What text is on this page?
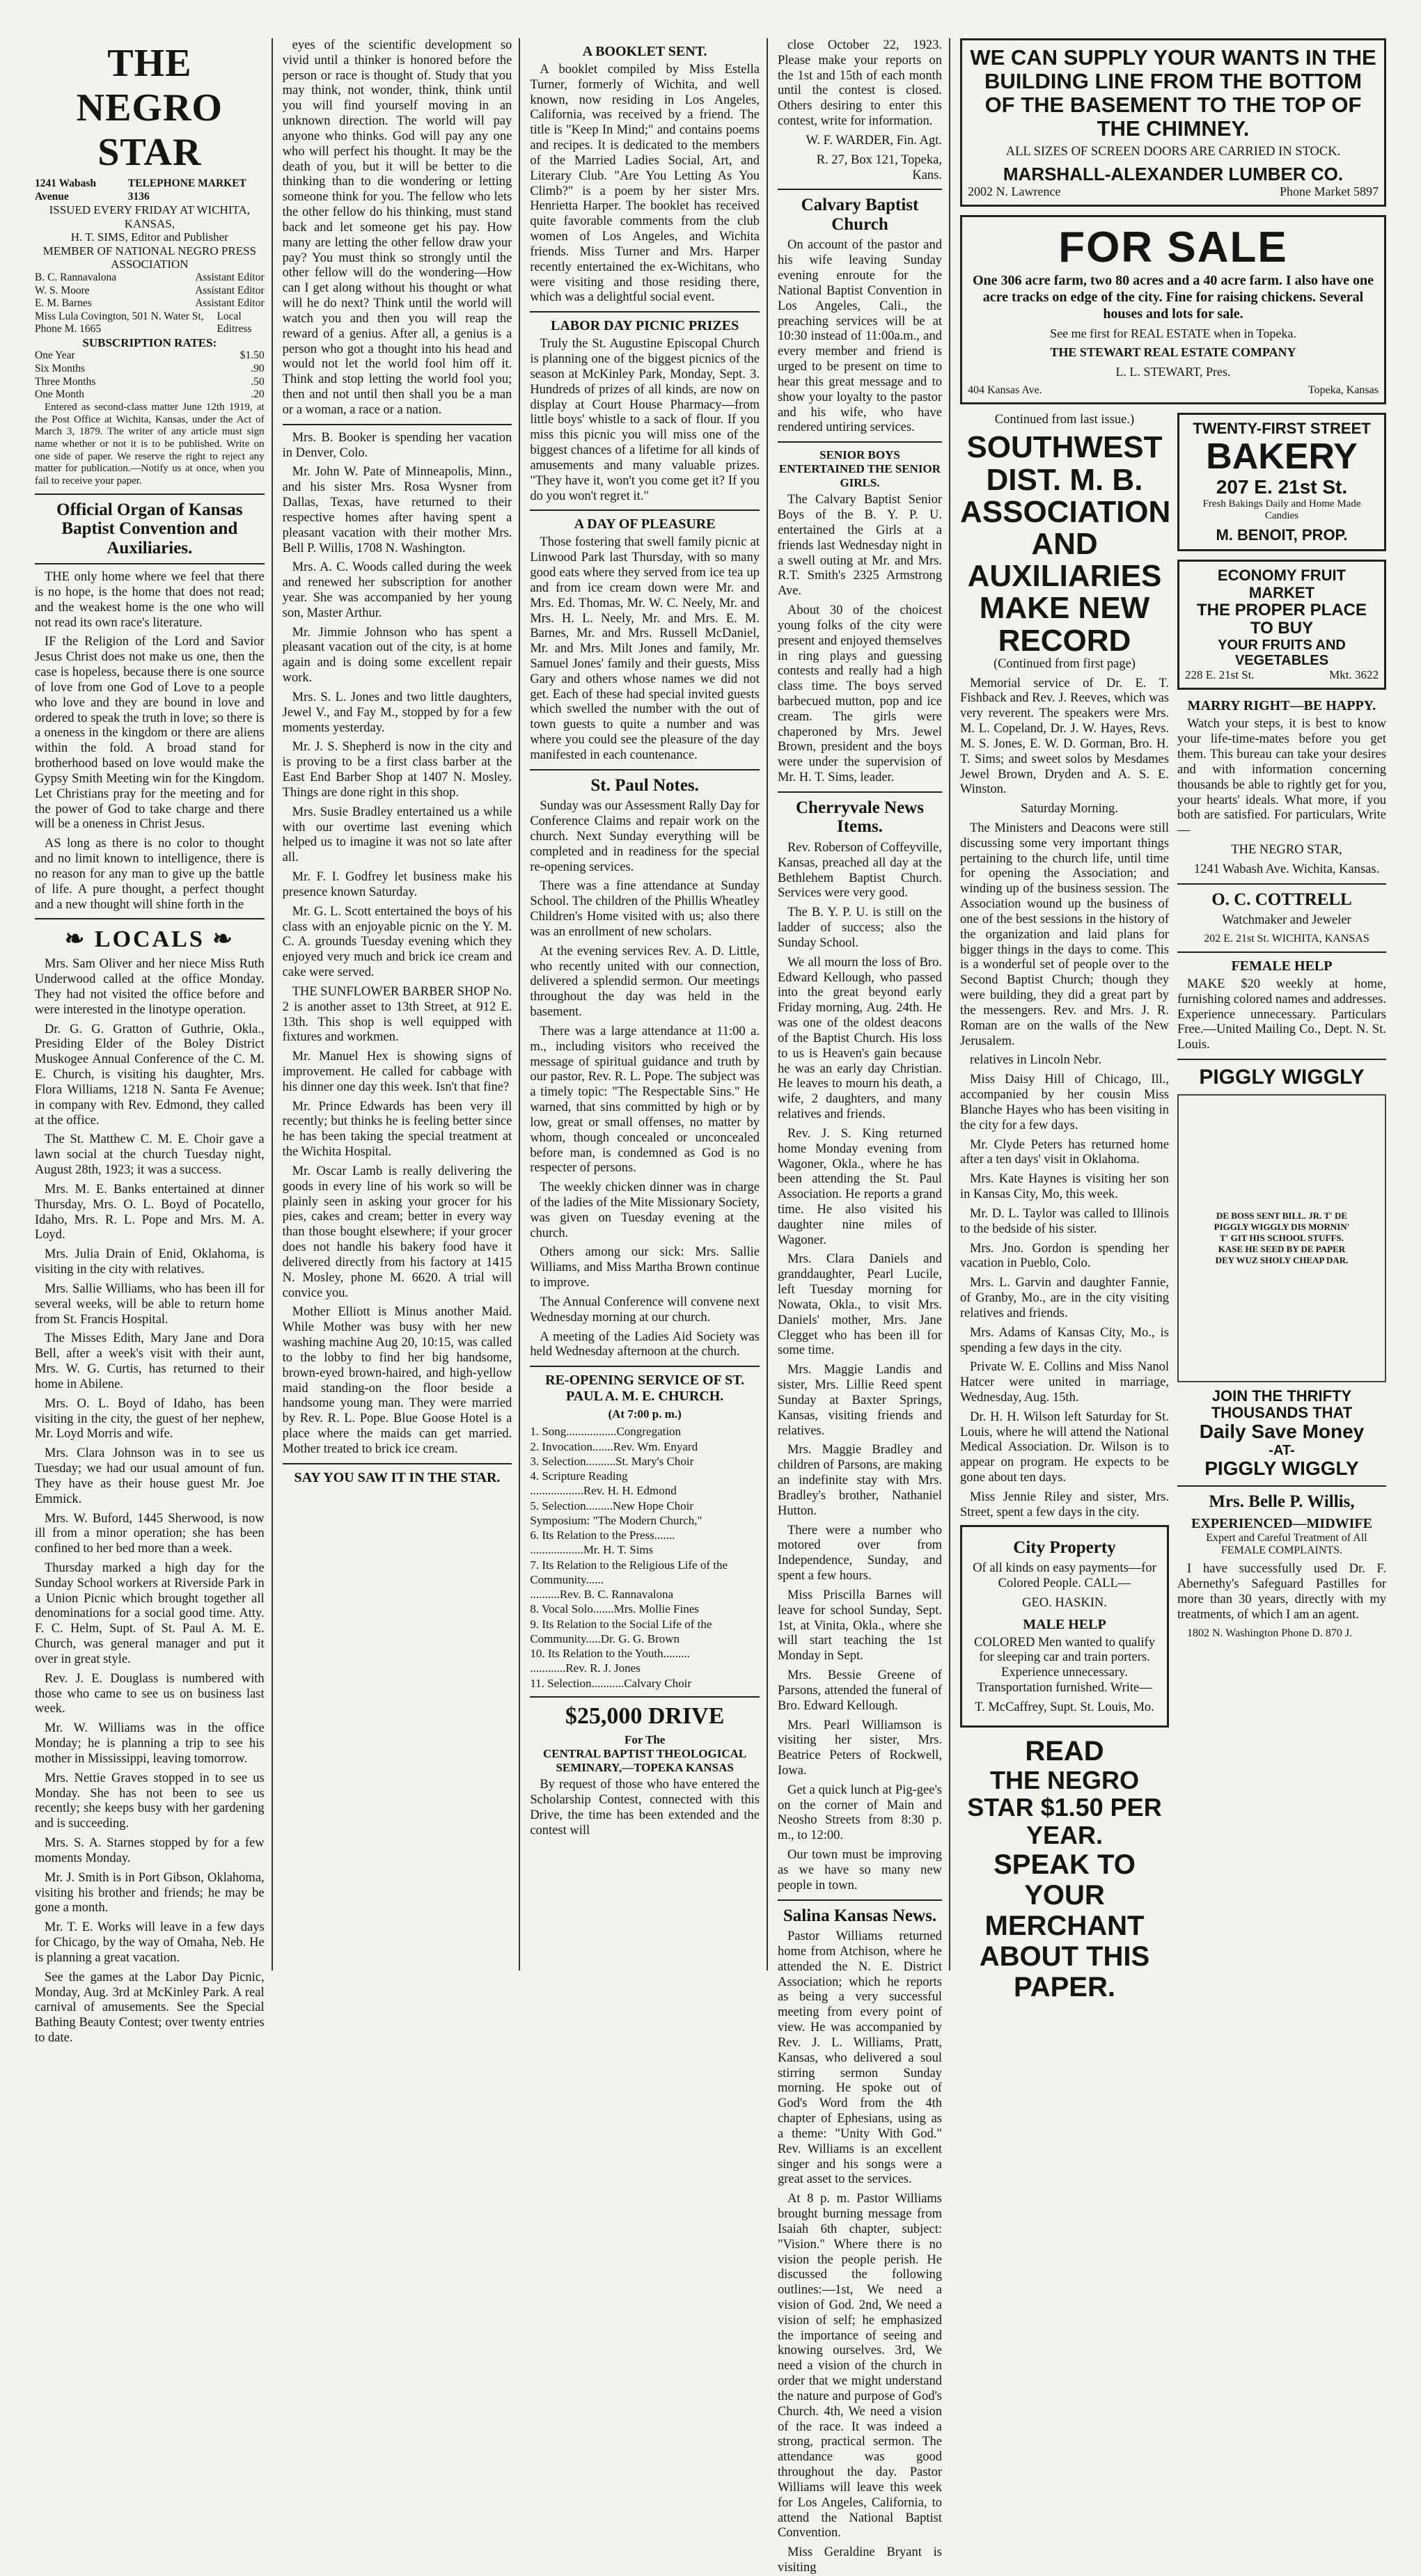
THE NEGRO STAR
1241 Wabash Avenue
TELEPHONE MARKET 3136
ISSUED EVERY FRIDAY AT WICHITA, KANSAS,
H. T. SIMS, Editor and Publisher
MEMBER OF NATIONAL NEGRO PRESS ASSOCIATION
B. C. Rannavalona	Assistant Editor
W. S. Moore	Assistant Editor
E. M. Barnes	Assistant Editor
Miss Lula Covington, 501 N. Water St, Phone M. 1665
Local Editress
SUBSCRIPTION RATES:
One Year	$1.50
Six Months	.90
Three Months	.50
One Month	.20

Entered as second-class matter June 12th 1919, at the Post Office at Wichita, Kansas, under the Act of March 3, 1879. The writer of any article must sign name whether or not it is to be published. Write on one side of paper. We reserve the right to reject any matter for publication.—Notify us at once, when you fail to receive your paper.

Official Organ of Kansas Baptist Convention and Auxiliaries.

THE only home where we feel that there is no hope, is the home that does not read; and the weakest home is the one who will not read its own race's literature.

IF the Religion of the Lord and Savior Jesus Christ does not make us one, then the case is hopeless, because there is one source of love from one God of Love to a people who love and they are bound in love and ordered to speak the truth in love; so there is a oneness in the kingdom or there are aliens within the fold. A broad stand for brotherhood based on love would make the Gypsy Smith Meeting win for the Kingdom. Let Christians pray for the meeting and for the power of God to take charge and there will be a oneness in Christ Jesus.

AS long as there is no color to thought and no limit known to intelligence, there is no reason for any man to give up the battle of life. A pure thought, a perfect thought and a new thought will shine forth in the

❧ LOCALS ❧

Mrs. Sam Oliver and her niece Miss Ruth Underwood called at the office Monday. They had not visited the office before and were interested in the linotype operation.

Dr. G. G. Gratton of Guthrie, Okla., Presiding Elder of the Boley District Muskogee Annual Conference of the C. M. E. Church, is visiting his daughter, Mrs. Flora Williams, 1218 N. Santa Fe Avenue; in company with Rev. Edmond, they called at the office.

The St. Matthew C. M. E. Choir gave a lawn social at the church Tuesday night, August 28th, 1923; it was a success.

Mrs. M. E. Banks entertained at dinner Thursday, Mrs. O. L. Boyd of Pocatello, Idaho, Mrs. R. L. Pope and Mrs. M. A. Loyd.

Mrs. Julia Drain of Enid, Oklahoma, is visiting in the city with relatives.

Mrs. Sallie Williams, who has been ill for several weeks, will be able to return home from St. Francis Hospital.

The Misses Edith, Mary Jane and Dora Bell, after a week's visit with their aunt, Mrs. W. G. Curtis, has returned to their home in Abilene.

Mrs. O. L. Boyd of Idaho, has been visiting in the city, the guest of her nephew, Mr. Loyd Morris and wife.

Mrs. Clara Johnson was in to see us Tuesday; we had our usual amount of fun. They have as their house guest Mr. Joe Emmick.

Mrs. W. Buford, 1445 Sherwood, is now ill from a minor operation; she has been confined to her bed more than a week.

Thursday marked a high day for the Sunday School workers at Riverside Park in a Union Picnic which brought together all denominations for a social good time. Atty. F. C. Helm, Supt. of St. Paul A. M. E. Church, was general manager and put it over in great style.

Rev. J. E. Douglass is numbered with those who came to see us on business last week.

Mr. W. Williams was in the office Monday; he is planning a trip to see his mother in Mississippi, leaving tomorrow.

Mrs. Nettie Graves stopped in to see us Monday. She has not been to see us recently; she keeps busy with her gardening and is succeeding.

Mrs. S. A. Starnes stopped by for a few moments Monday.

Mr. J. Smith is in Port Gibson, Oklahoma, visiting his brother and friends; he may be gone a month.

Mr. T. E. Works will leave in a few days for Chicago, by the way of Omaha, Neb. He is planning a great vacation.

See the games at the Labor Day Picnic, Monday, Aug. 3rd at McKinley Park. A real carnival of amusements. See the Special Bathing Beauty Contest; over twenty entries to date.

eyes of the scientific development so vivid until a thinker is honored before the person or race is thought of. Study that you may think, not wonder, think, think until you will find yourself moving in an unknown direction. The world will pay anyone who thinks. God will pay any one who will perfect his thought. It may be the death of you, but it will be better to die thinking than to die wondering or letting someone think for you. The fellow who lets the other fellow do his thinking, must stand back and let someone get his pay. How many are letting the other fellow draw your pay? You must think so strongly until the other fellow will do the wondering—How can I get along without his thought or what will he do next? Think until the world will watch you and then you will reap the reward of a genius. After all, a genius is a person who got a thought into his head and would not let the world fool him off it. Think and stop letting the world fool you; then and not until then shall you be a man or a woman, a race or a nation.

Mrs. B. Booker is spending her vacation in Denver, Colo.

Mr. John W. Pate of Minneapolis, Minn., and his sister Mrs. Rosa Wysner from Dallas, Texas, have returned to their respective homes after having spent a pleasant vacation with their mother Mrs. Bell P. Willis, 1708 N. Washington.

Mrs. A. C. Woods called during the week and renewed her subscription for another year. She was accompanied by her young son, Master Arthur.

Mr. Jimmie Johnson who has spent a pleasant vacation out of the city, is at home again and is doing some excellent repair work.

Mrs. S. L. Jones and two little daughters, Jewel V., and Fay M., stopped by for a few moments yesterday.

Mr. J. S. Shepherd is now in the city and is proving to be a first class barber at the East End Barber Shop at 1407 N. Mosley. Things are done right in this shop.

Mrs. Susie Bradley entertained us a while with our overtime last evening which helped us to imagine it was not so late after all.

Mr. F. I. Godfrey let business make his presence known Saturday.

Mr. G. L. Scott entertained the boys of his class with an enjoyable picnic on the Y. M. C. A. grounds Tuesday evening which they enjoyed very much and brick ice cream and cake were served.

THE SUNFLOWER BARBER SHOP No. 2 is another asset to 13th Street, at 912 E. 13th. This shop is well equipped with fixtures and workmen.

Mr. Manuel Hex is showing signs of improvement. He called for cabbage with his dinner one day this week. Isn't that fine?

Mr. Prince Edwards has been very ill recently; but thinks he is feeling better since he has been taking the special treatment at the Wichita Hospital.

Mr. Oscar Lamb is really delivering the goods in every line of his work so will be plainly seen in asking your grocer for his pies, cakes and cream; better in every way than those bought elsewhere; if your grocer does not handle his bakery food have it delivered directly from his factory at 1415 N. Mosley, phone M. 6620. A trial will convice you.

Mother Elliott is Minus another Maid. While Mother was busy with her new washing machine Aug 20, 10:15, was called to the lobby to find her big handsome, brown-eyed brown-haired, and high-yellow maid standing-on the floor beside a handsome young man. They were married by Rev. R. L. Pope. Blue Goose Hotel is a place where the maids can get married. Mother treated to brick ice cream.

SAY YOU SAW IT IN THE STAR.
A BOOKLET SENT.

A booklet compiled by Miss Estella Turner, formerly of Wichita, and well known, now residing in Los Angeles, California, was received by a friend. The title is "Keep In Mind;" and contains poems and recipes. It is dedicated to the members of the Married Ladies Social, Art, and Literary Club. "Are You Letting As You Climb?" is a poem by her sister Mrs. Henrietta Harper. The booklet has received quite favorable comments from the club women of Los Angeles, and Wichita friends. Miss Turner and Mrs. Harper recently entertained the ex-Wichitans, who were visiting and those residing there, which was a delightful social event.

LABOR DAY PICNIC PRIZES

Truly the St. Augustine Episcopal Church is planning one of the biggest picnics of the season at McKinley Park, Monday, Sept. 3. Hundreds of prizes of all kinds, are now on display at Court House Pharmacy—from little boys' whistle to a sack of flour. If you miss this picnic you will miss one of the biggest chances of a lifetime for all kinds of amusements and many valuable prizes. "They have it, won't you come get it? If you do you won't regret it."

A DAY OF PLEASURE

Those fostering that swell family picnic at Linwood Park last Thursday, with so many good eats where they served from ice tea up and from ice cream down were Mr. and Mrs. Ed. Thomas, Mr. W. C. Neely, Mr. and Mrs. H. L. Neely, Mr. and Mrs. E. M. Barnes, Mr. and Mrs. Russell McDaniel, Mr. and Mrs. Milt Jones and family, Mr. Samuel Jones' family and their guests, Miss Gary and others whose names we did not get. Each of these had special invited guests which swelled the number with the out of town guests to quite a number and was where you could see the pleasure of the day manifested in each countenance.

St. Paul Notes.

Sunday was our Assessment Rally Day for Conference Claims and repair work on the church. Next Sunday everything will be completed and in readiness for the special re-opening services.

There was a fine attendance at Sunday School. The children of the Phillis Wheatley Children's Home visited with us; also there was an enrollment of new scholars.

At the evening services Rev. A. D. Little, who recently united with our connection, delivered a splendid sermon. Our meetings throughout the day was held in the basement.

There was a large attendance at 11:00 a. m., including visitors who received the message of spiritual guidance and truth by our pastor, Rev. R. L. Pope. The subject was a timely topic: "The Respectable Sins." He warned, that sins committed by high or by low, great or small offenses, no matter by whom, though concealed or unconcealed before man, is condemned as God is no respecter of persons.

The weekly chicken dinner was in charge of the ladies of the Mite Missionary Society, was given on Tuesday evening at the church.

Others among our sick: Mrs. Sallie Williams, and Miss Martha Brown continue to improve.

The Annual Conference will convene next Wednesday morning at our church.

A meeting of the Ladies Aid Society was held Wednesday afternoon at the church.

RE-OPENING SERVICE OF ST. PAUL A. M. E. CHURCH.
(At 7:00 p. m.)
1. Song.................Congregation
2. Invocation.......Rev. Wm. Enyard
3. Selection..........St. Mary's Choir
4. Scripture Reading
..................Rev. H. H. Edmond
5. Selection.........New Hope Choir
Symposium: "The Modern Church,"
6. Its Relation to the Press.......
..................Mr. H. T. Sims
7. Its Relation to the Religious Life of the Community......
..........Rev. B. C. Rannavalona
8. Vocal Solo.......Mrs. Mollie Fines
9. Its Relation to the Social Life of the Community.....Dr. G. G. Brown
10. Its Relation to the Youth.........
............Rev. R. J. Jones
11. Selection...........Calvary Choir
$25,000 DRIVE
For The
CENTRAL BAPTIST THEOLOGICAL SEMINARY,—TOPEKA KANSAS

By request of those who have entered the Scholarship Contest, connected with this Drive, the time has been extended and the contest will

close October 22, 1923. Please make your reports on the 1st and 15th of each month until the contest is closed. Others desiring to enter this contest, write for information.

W. F. WARDER, Fin. Agt.

R. 27, Box 121, Topeka, Kans.

Calvary Baptist Church

On account of the pastor and his wife leaving Sunday evening enroute for the National Baptist Convention in Los Angeles, Cali., the preaching services will be at 10:30 instead of 11:00a.m., and every member and friend is urged to be present on time to hear this great message and to show your loyalty to the pastor and his wife, who have rendered untiring services.

SENIOR BOYS ENTERTAINED THE SENIOR GIRLS.

The Calvary Baptist Senior Boys of the B. Y. P. U. entertained the Girls at a friends last Wednesday night in a swell outing at Mr. and Mrs. R.T. Smith's 2325 Armstrong Ave.

About 30 of the choicest young folks of the city were present and enjoyed themselves in ring plays and guessing contests and really had a high class time. The boys served barbecued mutton, pop and ice cream. The girls were chaperoned by Mrs. Jewel Brown, president and the boys were under the supervision of Mr. H. T. Sims, leader.

Cherryvale News Items.

Rev. Roberson of Coffeyville, Kansas, preached all day at the Bethlehem Baptist Church. Services were very good.

The B. Y. P. U. is still on the ladder of success; also the Sunday School.

We all mourn the loss of Bro. Edward Kellough, who passed into the great beyond early Friday morning, Aug. 24th. He was one of the oldest deacons of the Baptist Church. His loss to us is Heaven's gain because he was an early day Christian. He leaves to mourn his death, a wife, 2 daughters, and many relatives and friends.

Rev. J. S. King returned home Monday evening from Wagoner, Okla., where he has been attending the St. Paul Association. He reports a grand time. He also visited his daughter nine miles of Wagoner.

Mrs. Clara Daniels and granddaughter, Pearl Lucile, left Tuesday morning for Nowata, Okla., to visit Mrs. Daniels' mother, Mrs. Jane Clegget who has been ill for some time.

Mrs. Maggie Landis and sister, Mrs. Lillie Reed spent Sunday at Baxter Springs, Kansas, visiting friends and relatives.

Mrs. Maggie Bradley and children of Parsons, are making an indefinite stay with Mrs. Bradley's brother, Nathaniel Hutton.

There were a number who motored over from Independence, Sunday, and spent a few hours.

Miss Priscilla Barnes will leave for school Sunday, Sept. 1st, at Vinita, Okla., where she will start teaching the 1st Monday in Sept.

Mrs. Bessie Greene of Parsons, attended the funeral of Bro. Edward Kellough.

Mrs. Pearl Williamson is visiting her sister, Mrs. Beatrice Peters of Rockwell, Iowa.

Get a quick lunch at Pig-gee's on the corner of Main and Neosho Streets from 8:30 p. m., to 12:00.

Our town must be improving as we have so many new people in town.

Salina Kansas News.

Pastor Williams returned home from Atchison, where he attended the N. E. District Association; which he reports as being a very successful meeting from every point of view. He was accompanied by Rev. J. L. Williams, Pratt, Kansas, who delivered a soul stirring sermon Sunday morning. He spoke out of God's Word from the 4th chapter of Ephesians, using as a theme: "Unity With God." Rev. Williams is an excellent singer and his songs were a great asset to the services.

At 8 p. m. Pastor Williams brought burning message from Isaiah 6th chapter, subject: "Vision." Where there is no vision the people perish. He discussed the following outlines:—1st, We need a vision of God. 2nd, We need a vision of self; he emphasized the importance of seeing and knowing ourselves. 3rd, We need a vision of the church in order that we might understand the nature and purpose of God's Church. 4th, We need a vision of the race. It was indeed a strong, practical sermon. The attendance was good throughout the day. Pastor Williams will leave this week for Los Angeles, California, to attend the National Baptist Convention.

Miss Geraldine Bryant is visiting

WE CAN SUPPLY YOUR WANTS IN THE BUILDING LINE FROM THE BOTTOM OF THE BASEMENT TO THE TOP OF THE CHIMNEY.

ALL SIZES OF SCREEN DOORS ARE CARRIED IN STOCK.

MARSHALL-ALEXANDER LUMBER CO.
2002 N. Lawrence	Phone Market 5897
FOR SALE

One 306 acre farm, two 80 acres and a 40 acre farm. I also have one acre tracks on edge of the city. Fine for raising chickens. Several houses and lots for sale.

See me first for REAL ESTATE when in Topeka.

THE STEWART REAL ESTATE COMPANY

L. L. STEWART, Pres.

404 Kansas Ave.	Topeka, Kansas

Continued from last issue.)

SOUTHWEST DIST. M. B. ASSOCIATION AND AUXILIARIES MAKE NEW RECORD

(Continued from first page)

Memorial service of Dr. E. T. Fishback and Rev. J. Reeves, which was very reverent. The speakers were Mrs. M. L. Copeland, Dr. J. W. Hayes, Revs. M. S. Jones, E. W. D. Gorman, Bro. H. T. Sims; and sweet solos by Mesdames Jewel Brown, Dryden and A. S. E. Winston.

Saturday Morning.

The Ministers and Deacons were still discussing some very important things pertaining to the church life, until time for opening the Association; and winding up of the business session. The Association wound up the business of one of the best sessions in the history of the organization and laid plans for bigger things in the days to come. This is a wonderful set of people over to the Second Baptist Church; though they were building, they did a great part by the messengers. Rev. and Mrs. J. R. Roman are on the walls of the New Jerusalem.

relatives in Lincoln Nebr.

Miss Daisy Hill of Chicago, Ill., accompanied by her cousin Miss Blanche Hayes who has been visiting in the city for a few days.

Mr. Clyde Peters has returned home after a ten days' visit in Oklahoma.

Mrs. Kate Haynes is visiting her son in Kansas City, Mo, this week.

Mr. D. L. Taylor was called to Illinois to the bedside of his sister.

Mrs. Jno. Gordon is spending her vacation in Pueblo, Colo.

Mrs. L. Garvin and daughter Fannie, of Granby, Mo., are in the city visiting relatives and friends.

Mrs. Adams of Kansas City, Mo., is spending a few days in the city.

Private W. E. Collins and Miss Nanol Hatcer were united in marriage, Wednesday, Aug. 15th.

Dr. H. H. Wilson left Saturday for St. Louis, where he will attend the National Medical Association. Dr. Wilson is to appear on program. He expects to be gone about ten days.

Miss Jennie Riley and sister, Mrs. Street, spent a few days in the city.

City Property

Of all kinds on easy payments—for Colored People. CALL—

GEO. HASKIN.

MALE HELP

COLORED Men wanted to qualify for sleeping car and train porters. Experience unnecessary. Transportation furnished. Write—

T. McCaffrey, Supt. St. Louis, Mo.

READ
THE NEGRO STAR $1.50 PER YEAR.
SPEAK TO YOUR MERCHANT ABOUT THIS PAPER.
TWENTY-FIRST STREET
BAKERY
207 E. 21st St.

Fresh Bakings Daily and Home Made Candies

M. BENOIT, PROP.
ECONOMY FRUIT MARKET
THE PROPER PLACE TO BUY
YOUR FRUITS AND VEGETABLES
228 E. 21st St.	Mkt. 3622
MARRY RIGHT—BE HAPPY.

Watch your steps, it is best to know your life-time-mates before you get them. This bureau can take your desires and with information concerning thousands be able to rightly get for you, your hearts' ideals. What more, if you both are satisfied. For particulars, Write—

THE NEGRO STAR,

1241 Wabash Ave. Wichita, Kansas.

O. C. COTTRELL

Watchmaker and Jeweler

202 E. 21st St. WICHITA, KANSAS

FEMALE HELP

MAKE $20 weekly at home, furnishing colored names and addresses. Experience unnecessary. Particulars Free.—United Mailing Co., Dept. N. St. Louis.

PIGGLY WIGGLY
DE BOSS SENT BILL. JR. T' DE PIGGLY WIGGLY DIS MORNIN' T' GIT HIS SCHOOL STUFFS. KASE HE SEED BY DE PAPER DEY WUZ SHOLY CHEAP DAR.
JOIN THE THRIFTY THOUSANDS THAT
Daily Save Money
-AT-
PIGGLY WIGGLY
Mrs. Belle P. Willis,
EXPERIENCED—MIDWIFE

Expert and Careful Treatment of All FEMALE COMPLAINTS.

I have successfully used Dr. F. Abernethy's Safeguard Pastilles for more than 30 years, directly with my treatments, of which I am an agent.

1802 N. Washington Phone D. 870 J.
